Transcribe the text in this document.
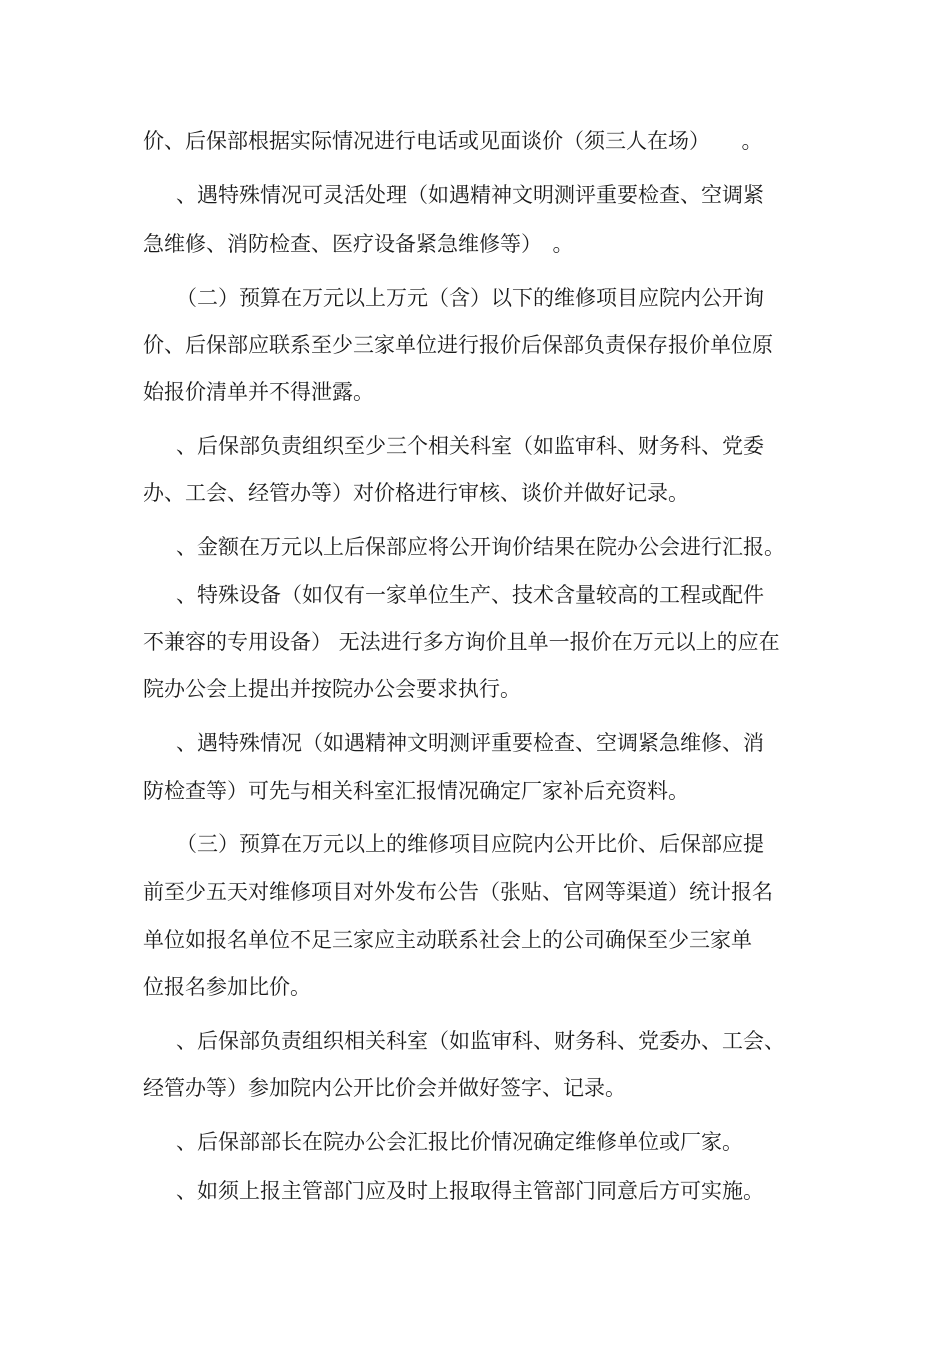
价、后保部根据实际情况进行电话或见面谈价（须三人在场）　　。
、遇特殊情况可灵活处理（如遇精神文明测评重要检查、空调紧
急维修、消防检查、医疗设备紧急维修等）　。
（二）预算在万元以上万元（含）以下的维修项目应院内公开询
价、后保部应联系至少三家单位进行报价后保部负责保存报价单位原
始报价清单并不得泄露。
、后保部负责组织至少三个相关科室（如监审科、财务科、党委
办、工会、经管办等）对价格进行审核、谈价并做好记录。
、金额在万元以上后保部应将公开询价结果在院办公会进行汇报。
、特殊设备（如仅有一家单位生产、技术含量较高的工程或配件
不兼容的专用设备） 无法进行多方询价且单一报价在万元以上的应在
院办公会上提出并按院办公会要求执行。
、遇特殊情况（如遇精神文明测评重要检查、空调紧急维修、消
防检查等）可先与相关科室汇报情况确定厂家补后充资料。
（三）预算在万元以上的维修项目应院内公开比价、后保部应提
前至少五天对维修项目对外发布公告（张贴、官网等渠道）统计报名
单位如报名单位不足三家应主动联系社会上的公司确保至少三家单
位报名参加比价。
、后保部负责组织相关科室（如监审科、财务科、党委办、工会、
经管办等）参加院内公开比价会并做好签字、记录。
、后保部部长在院办公会汇报比价情况确定维修单位或厂家。
、如须上报主管部门应及时上报取得主管部门同意后方可实施。
